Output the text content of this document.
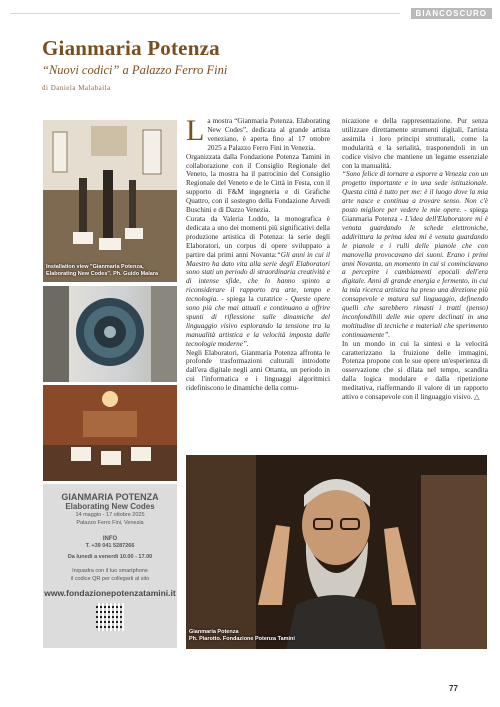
BIANCOSCURO
Gianmaria Potenza
“Nuovi codici” a Palazzo Ferro Fini
di Daniela Malabaila
Installation view "Gianmaria Potenza, Elaborating New Codes". Ph. Guido Malara
GIANMARIA POTENZA
Elaborating New Codes
14 maggio - 17 ottobre 2025
Palazzo Ferro Fini, Venezia
INFO
T. +39 041 5287266
Da lunedì a venerdì 10.00 - 17.00
Inquadra con il tuo smartphone
il codice QR per collegarti al sito
www.fondazionepotenzatamini.it

La mostra “Gianmaria Potenza. Elaborating New Codes”, dedicata al grande artista veneziano, è aperta fino al 17 ottobre 2025 a Palazzo Ferro Fini in Venezia.

Organizzata dalla Fondazione Potenza Tamini in collaborazione con il Consiglio Regionale del Veneto, la mostra ha il patrocinio del Consiglio Regionale del Veneto e de le Città in Festa, con il supporto di F&M ingegneria e di Grafiche Quattro, con il sostegno della Fondazione Arvedi Buschini e di Dazzo Venezia.

Curata da Valeria Loddo, la monografica è dedicata a uno dei momenti più significativi della produzione artistica di Potenza: la serie degli Elaboratori, un corpus di opere sviluppato a partire dai primi anni Novanta:“Gli anni in cui il Maestro ha dato vita alla serie degli Elaboratori sono stati un periodo di straordinaria creatività e di intense sfide, che lo hanno spinto a riconsiderare il rapporto tra arte, tempo e tecnologia. - spiega la curatrice - Queste opere sono più che mai attuali e continuano a offrire spunti di riflessione sulle dinamiche del linguaggio visivo esplorando la tensione tra la manualità artistica e la velocità imposta dalle tecnologie moderne”.

Negli Elaboratori, Gianmaria Potenza affronta le profonde trasformazioni culturali introdotte dall'era digitale negli anni Ottanta, un periodo in cui l'informatica e i linguaggi algoritmici ridefiniscono le dinamiche della comu-

nicazione e della rappresentazione. Pur senza utilizzare direttamente strumenti digitali, l'artista assimila i loro principi strutturali, come la modularità e la serialità, trasponendoli in un codice visivo che mantiene un legame essenziale con la manualità.

“Sono felice di tornare a esporre a Venezia con un progetto importante e in una sede istituzionale. Questa città è tutto per me: è il luogo dove la mia arte nasce e continua a trovare senso. Non c'è posto migliore per vedere le mie opere. - spiega Gianmaria Potenza - L'idea dell'Elaboratore mi è venuta guardando le schede elettroniche, addirittura la prima idea mi è venuta guardando le pianole e i rulli delle pianole che con manovella provocavano dei suoni. Erano i primi anni Novanta, un momento in cui si cominciavano a percepire i cambiamenti epocali dell'era digitale. Anni di grande energia e fermento, in cui la mia ricerca artistica ha preso una direzione più consapevole e matura sul linguaggio, definendo quelli che sarebbero rimasti i tratti (penso) inconfondibili delle mie opere declinati in una moltitudine di tecniche e materiali che sperimento continuamente”.

In un mondo in cui la sintesi e la velocità caratterizzano la fruizione delle immagini, Potenza propone con le sue opere un'esperienza di osservazione che si dilata nel tempo, scandita dalla logica modulare e dalla ripetizione meditativa, riaffermando il valore di un rapporto attivo e consapevole con il linguaggio visivo. △

Gianmaria Potenza
Ph. Piarotto. Fondazione Potenza Tamini
77
